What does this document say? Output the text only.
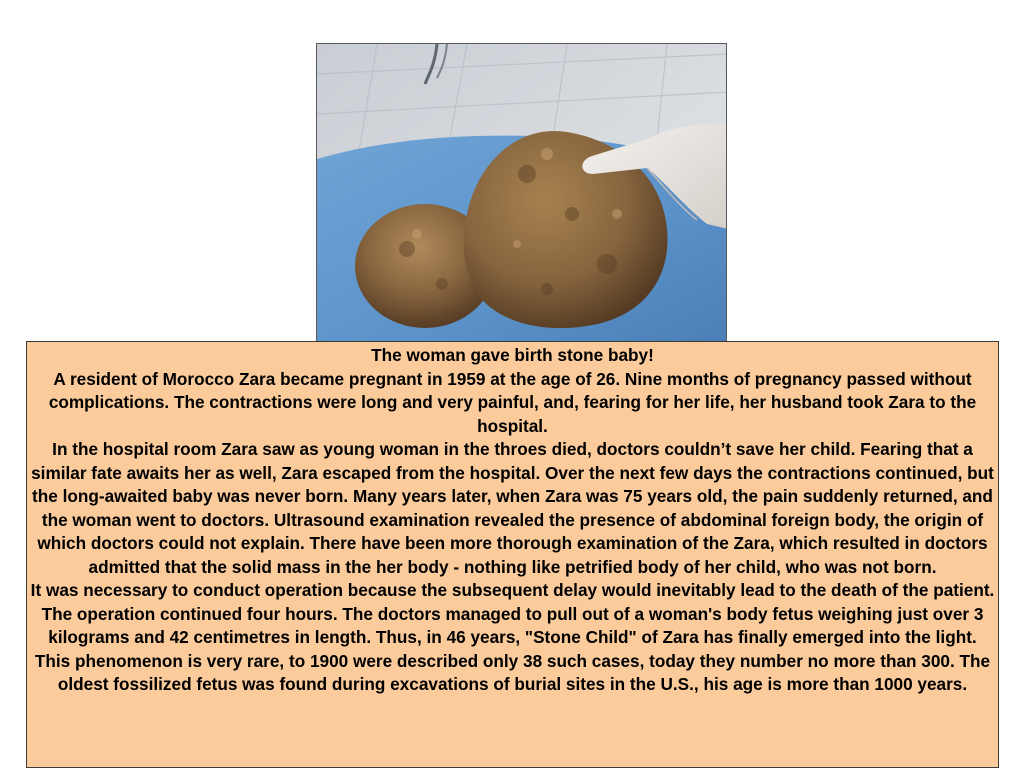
The woman gave birth stone baby!

A resident of Morocco Zara became pregnant in 1959 at the age of 26. Nine months of pregnancy passed without complications. The contractions were long and very painful, and, fearing for her life, her husband took Zara to the hospital.

In the hospital room Zara saw as young woman in the throes died, doctors couldn’t save her child. Fearing that a similar fate awaits her as well, Zara escaped from the hospital. Over the next few days the contractions continued, but the long-awaited baby was never born. Many years later, when Zara was 75 years old, the pain suddenly returned, and the woman went to doctors. Ultrasound examination revealed the presence of abdominal foreign body, the origin of which doctors could not explain. There have been more thorough examination of the Zara, which resulted in doctors admitted that the solid mass in the her body - nothing like petrified body of her child, who was not born.

It was necessary to conduct operation because the subsequent delay would inevitably lead to the death of the patient. The operation continued four hours. The doctors managed to pull out of a woman's body fetus weighing just over 3 kilograms and 42 centimetres in length. Thus, in 46 years, "Stone Child" of Zara has finally emerged into the light.

This phenomenon is very rare, to 1900 were described only 38 such cases, today they number no more than 300. The oldest fossilized fetus was found during excavations of burial sites in the U.S., his age is more than 1000 years.
